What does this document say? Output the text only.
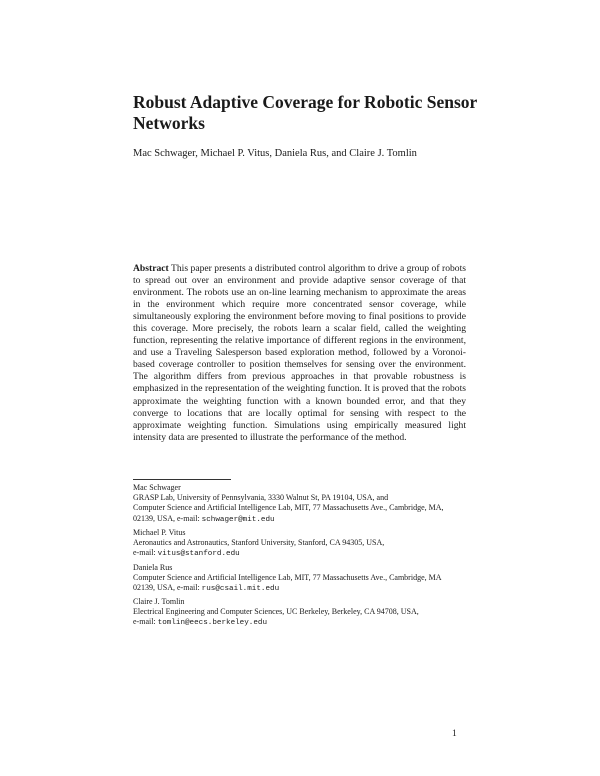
Robust Adaptive Coverage for Robotic Sensor Networks

Mac Schwager, Michael P. Vitus, Daniela Rus, and Claire J. Tomlin

Abstract This paper presents a distributed control algorithm to drive a group of robots to spread out over an environment and provide adaptive sensor coverage of that environment. The robots use an on-line learning mechanism to approximate the areas in the environment which require more concentrated sensor coverage, while simultaneously exploring the environment before moving to final positions to provide this coverage. More precisely, the robots learn a scalar field, called the weighting function, representing the relative importance of different regions in the environment, and use a Traveling Salesperson based exploration method, followed by a Voronoi-based coverage controller to position themselves for sensing over the environment. The algorithm differs from previous approaches in that provable robustness is emphasized in the representation of the weighting function. It is proved that the robots approximate the weighting function with a known bounded error, and that they converge to locations that are locally optimal for sensing with respect to the approximate weighting function. Simulations using empirically measured light intensity data are presented to illustrate the performance of the method.

Mac Schwager
GRASP Lab, University of Pennsylvania, 3330 Walnut St, PA 19104, USA, and
Computer Science and Artificial Intelligence Lab, MIT, 77 Massachusetts Ave., Cambridge, MA,
02139, USA, e-mail: schwager@mit.edu
Michael P. Vitus
Aeronautics and Astronautics, Stanford University, Stanford, CA 94305, USA,
e-mail: vitus@stanford.edu
Daniela Rus
Computer Science and Artificial Intelligence Lab, MIT, 77 Massachusetts Ave., Cambridge, MA
02139, USA, e-mail: rus@csail.mit.edu
Claire J. Tomlin
Electrical Engineering and Computer Sciences, UC Berkeley, Berkeley, CA 94708, USA,
e-mail: tomlin@eecs.berkeley.edu
1
